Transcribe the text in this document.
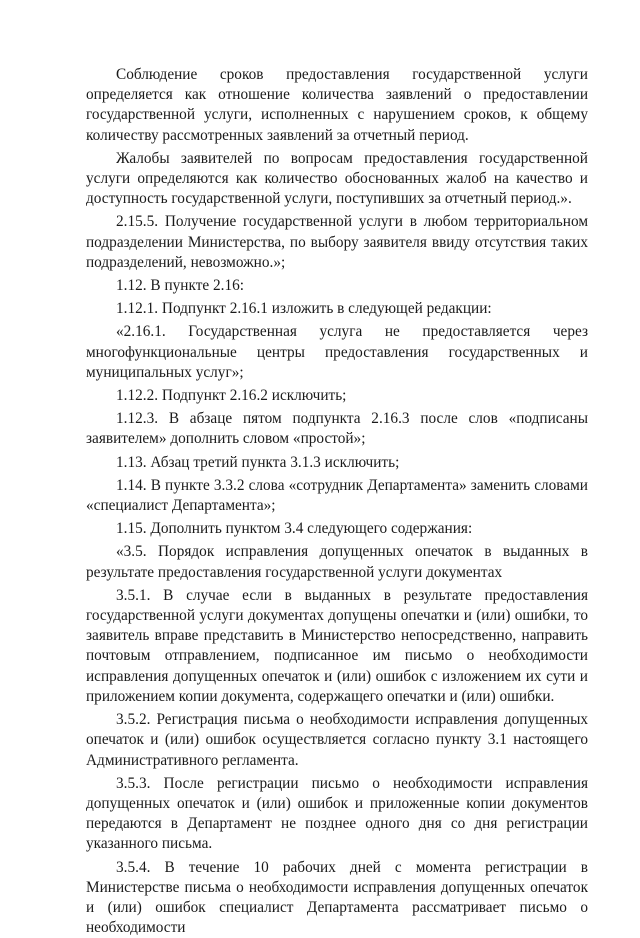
Соблюдение сроков предоставления государственной услуги определяется как отношение количества заявлений о предоставлении государственной услуги, исполненных с нарушением сроков, к общему количеству рассмотренных заявлений за отчетный период.

Жалобы заявителей по вопросам предоставления государственной услуги определяются как количество обоснованных жалоб на качество и доступность государственной услуги, поступивших за отчетный период.».

2.15.5. Получение государственной услуги в любом территориальном подразделении Министерства, по выбору заявителя ввиду отсутствия таких подразделений, невозможно.»;

1.12. В пункте 2.16:

1.12.1. Подпункт 2.16.1 изложить в следующей редакции:

«2.16.1. Государственная услуга не предоставляется через многофункциональные центры предоставления государственных и муниципальных услуг»;

1.12.2. Подпункт 2.16.2 исключить;

1.12.3. В абзаце пятом подпункта 2.16.3 после слов «подписаны заявителем» дополнить словом «простой»;

1.13. Абзац третий пункта 3.1.3 исключить;

1.14. В пункте 3.3.2 слова «сотрудник Департамента» заменить словами «специалист Департамента»;

1.15. Дополнить пунктом 3.4 следующего содержания:

«3.5. Порядок исправления допущенных опечаток в выданных в результате предоставления государственной услуги документах

3.5.1. В случае если в выданных в результате предоставления государственной услуги документах допущены опечатки и (или) ошибки, то заявитель вправе представить в Министерство непосредственно, направить почтовым отправлением, подписанное им письмо о необходимости исправления допущенных опечаток и (или) ошибок с изложением их сути и приложением копии документа, содержащего опечатки и (или) ошибки.

3.5.2. Регистрация письма о необходимости исправления допущенных опечаток и (или) ошибок осуществляется согласно пункту 3.1 настоящего Административного регламента.

3.5.3. После регистрации письмо о необходимости исправления допущенных опечаток и (или) ошибок и приложенные копии документов передаются в Департамент не позднее одного дня со дня регистрации указанного письма.

3.5.4. В течение 10 рабочих дней с момента регистрации в Министерстве письма о необходимости исправления допущенных опечаток и (или) ошибок специалист Департамента рассматривает письмо о необходимости
